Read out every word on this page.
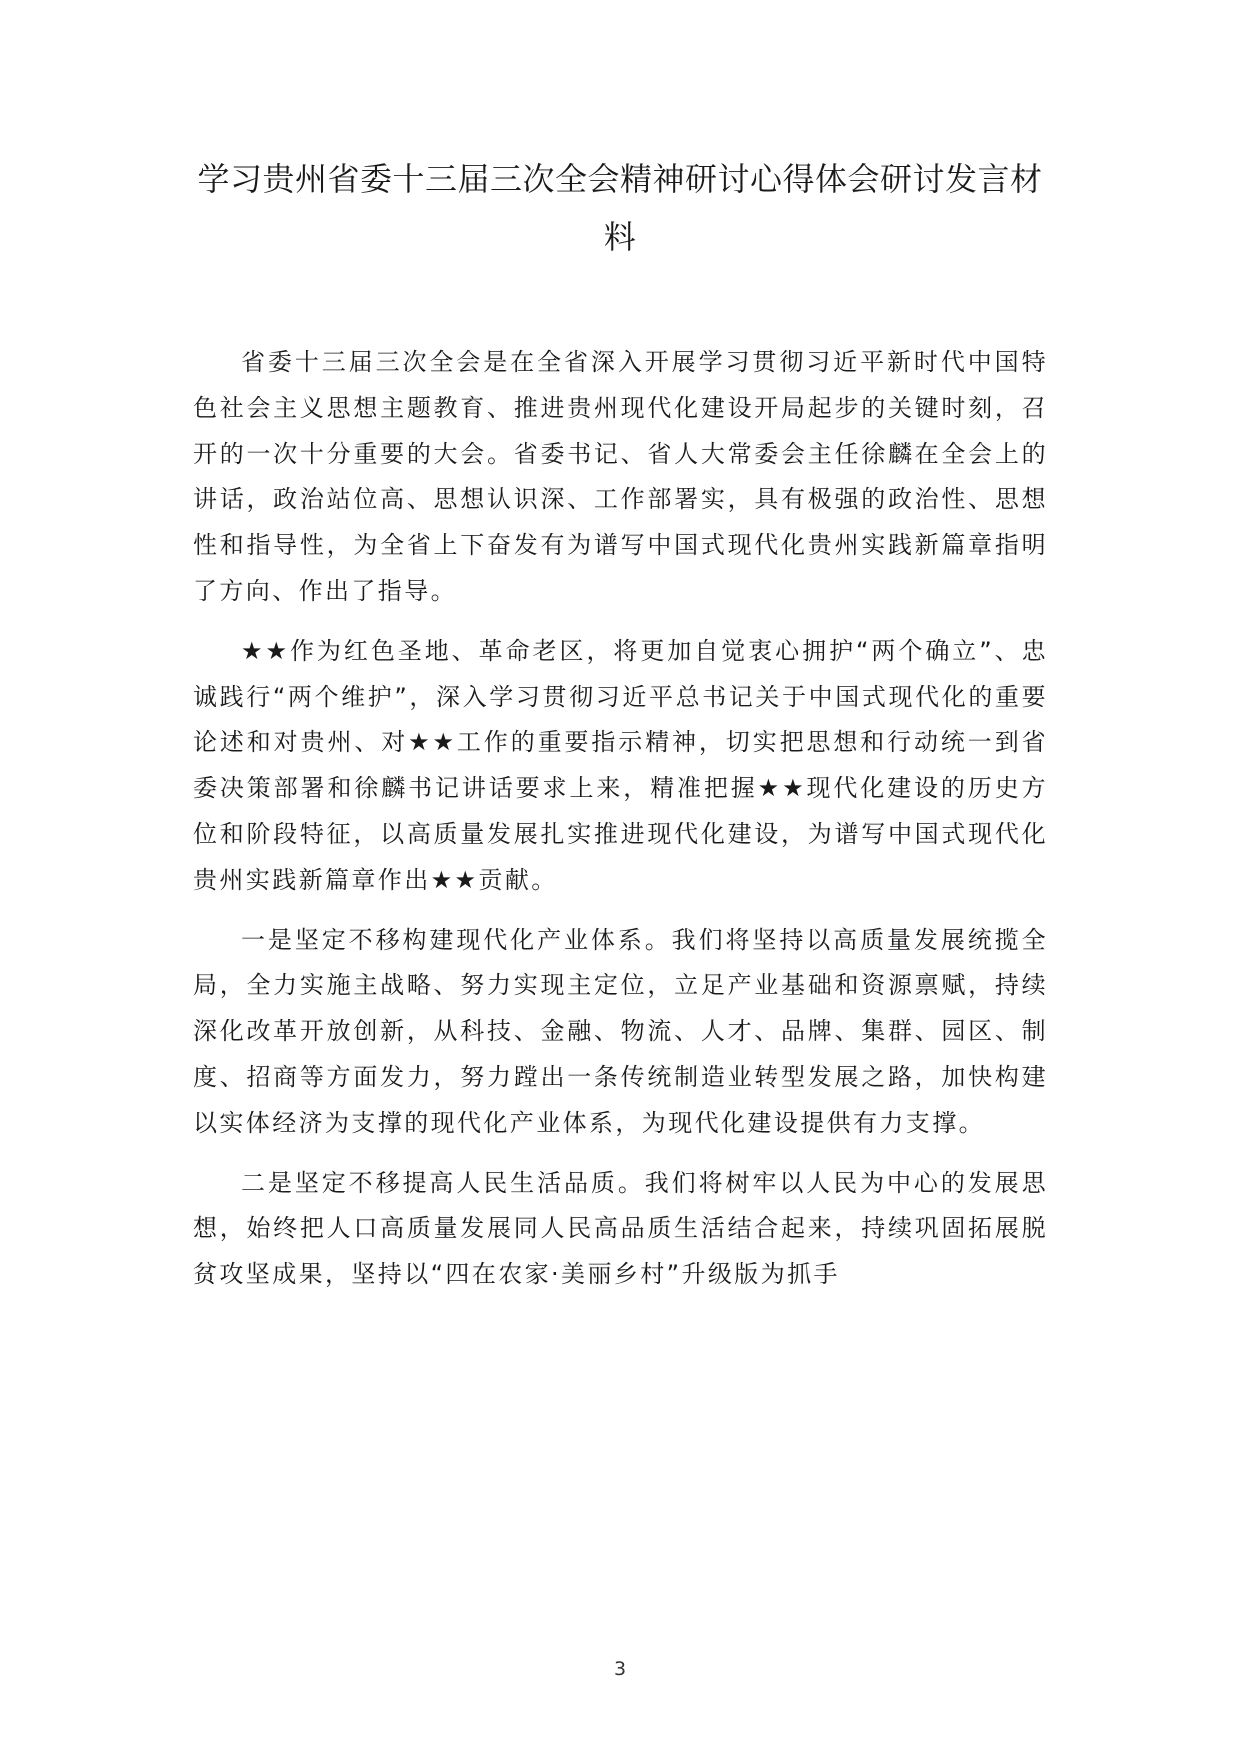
学习贵州省委十三届三次全会精神研讨心得体会研讨发言材料

省委十三届三次全会是在全省深入开展学习贯彻习近平新时代中国特色社会主义思想主题教育、推进贵州现代化建设开局起步的关键时刻，召开的一次十分重要的大会。省委书记、省人大常委会主任徐麟在全会上的讲话，政治站位高、思想认识深、工作部署实，具有极强的政治性、思想性和指导性，为全省上下奋发有为谱写中国式现代化贵州实践新篇章指明了方向、作出了指导。

★★作为红色圣地、革命老区，将更加自觉衷心拥护“两个确立”、忠诚践行“两个维护”，深入学习贯彻习近平总书记关于中国式现代化的重要论述和对贵州、对★★工作的重要指示精神，切实把思想和行动统一到省委决策部署和徐麟书记讲话要求上来，精准把握★★现代化建设的历史方位和阶段特征，以高质量发展扎实推进现代化建设，为谱写中国式现代化贵州实践新篇章作出★★贡献。

一是坚定不移构建现代化产业体系。我们将坚持以高质量发展统揽全局，全力实施主战略、努力实现主定位，立足产业基础和资源禀赋，持续深化改革开放创新，从科技、金融、物流、人才、品牌、集群、园区、制度、招商等方面发力，努力蹚出一条传统制造业转型发展之路，加快构建以实体经济为支撑的现代化产业体系，为现代化建设提供有力支撑。

二是坚定不移提高人民生活品质。我们将树牢以人民为中心的发展思想，始终把人口高质量发展同人民高品质生活结合起来，持续巩固拓展脱贫攻坚成果，坚持以“四在农家·美丽乡村”升级版为抓手

3
